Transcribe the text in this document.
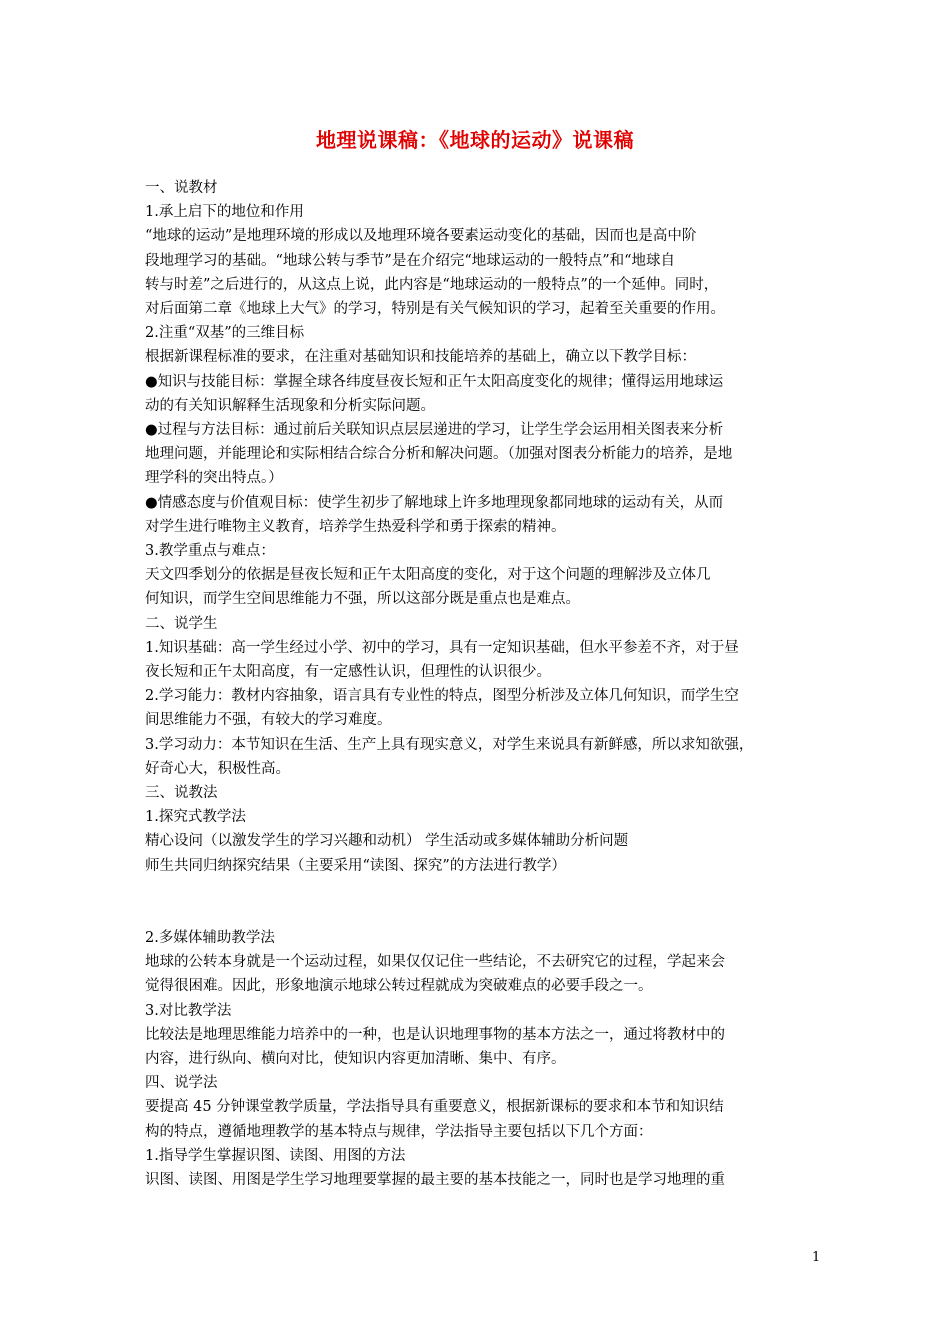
地理说课稿：《地球的运动》说课稿

一、说教材

1.承上启下的地位和作用

“地球的运动”是地理环境的形成以及地理环境各要素运动变化的基础，因而也是高中阶

段地理学习的基础。“地球公转与季节”是在介绍完“地球运动的一般特点”和“地球自

转与时差”之后进行的，从这点上说，此内容是“地球运动的一般特点”的一个延伸。同时，

对后面第二章《地球上大气》的学习，特别是有关气候知识的学习，起着至关重要的作用。

2.注重“双基”的三维目标

根据新课程标准的要求，在注重对基础知识和技能培养的基础上，确立以下教学目标：

●知识与技能目标：掌握全球各纬度昼夜长短和正午太阳高度变化的规律；懂得运用地球运

动的有关知识解释生活现象和分析实际问题。

●过程与方法目标：通过前后关联知识点层层递进的学习，让学生学会运用相关图表来分析

地理问题，并能理论和实际相结合综合分析和解决问题。（加强对图表分析能力的培养，是地

理学科的突出特点。）

●情感态度与价值观目标：使学生初步了解地球上许多地理现象都同地球的运动有关，从而

对学生进行唯物主义教育，培养学生热爱科学和勇于探索的精神。

3.教学重点与难点：

天文四季划分的依据是昼夜长短和正午太阳高度的变化，对于这个问题的理解涉及立体几

何知识，而学生空间思维能力不强，所以这部分既是重点也是难点。

二、说学生

1.知识基础：高一学生经过小学、初中的学习，具有一定知识基础，但水平参差不齐，对于昼

夜长短和正午太阳高度，有一定感性认识，但理性的认识很少。

2.学习能力：教材内容抽象，语言具有专业性的特点，图型分析涉及立体几何知识，而学生空

间思维能力不强，有较大的学习难度。

3.学习动力：本节知识在生活、生产上具有现实意义，对学生来说具有新鲜感，所以求知欲强，

好奇心大，积极性高。

三、说教法

1.探究式教学法

精心设问（以激发学生的学习兴趣和动机） 学生活动或多媒体辅助分析问题

师生共同归纳探究结果（主要采用“读图、探究”的方法进行教学）

2.多媒体辅助教学法

地球的公转本身就是一个运动过程，如果仅仅记住一些结论，不去研究它的过程，学起来会

觉得很困难。因此，形象地演示地球公转过程就成为突破难点的必要手段之一。

3.对比教学法

比较法是地理思维能力培养中的一种，也是认识地理事物的基本方法之一，通过将教材中的

内容，进行纵向、横向对比，使知识内容更加清晰、集中、有序。

四、说学法

要提高 45 分钟课堂教学质量，学法指导具有重要意义，根据新课标的要求和本节和知识结

构的特点，遵循地理教学的基本特点与规律，学法指导主要包括以下几个方面：

1.指导学生掌握识图、读图、用图的方法

识图、读图、用图是学生学习地理要掌握的最主要的基本技能之一，同时也是学习地理的重

1
